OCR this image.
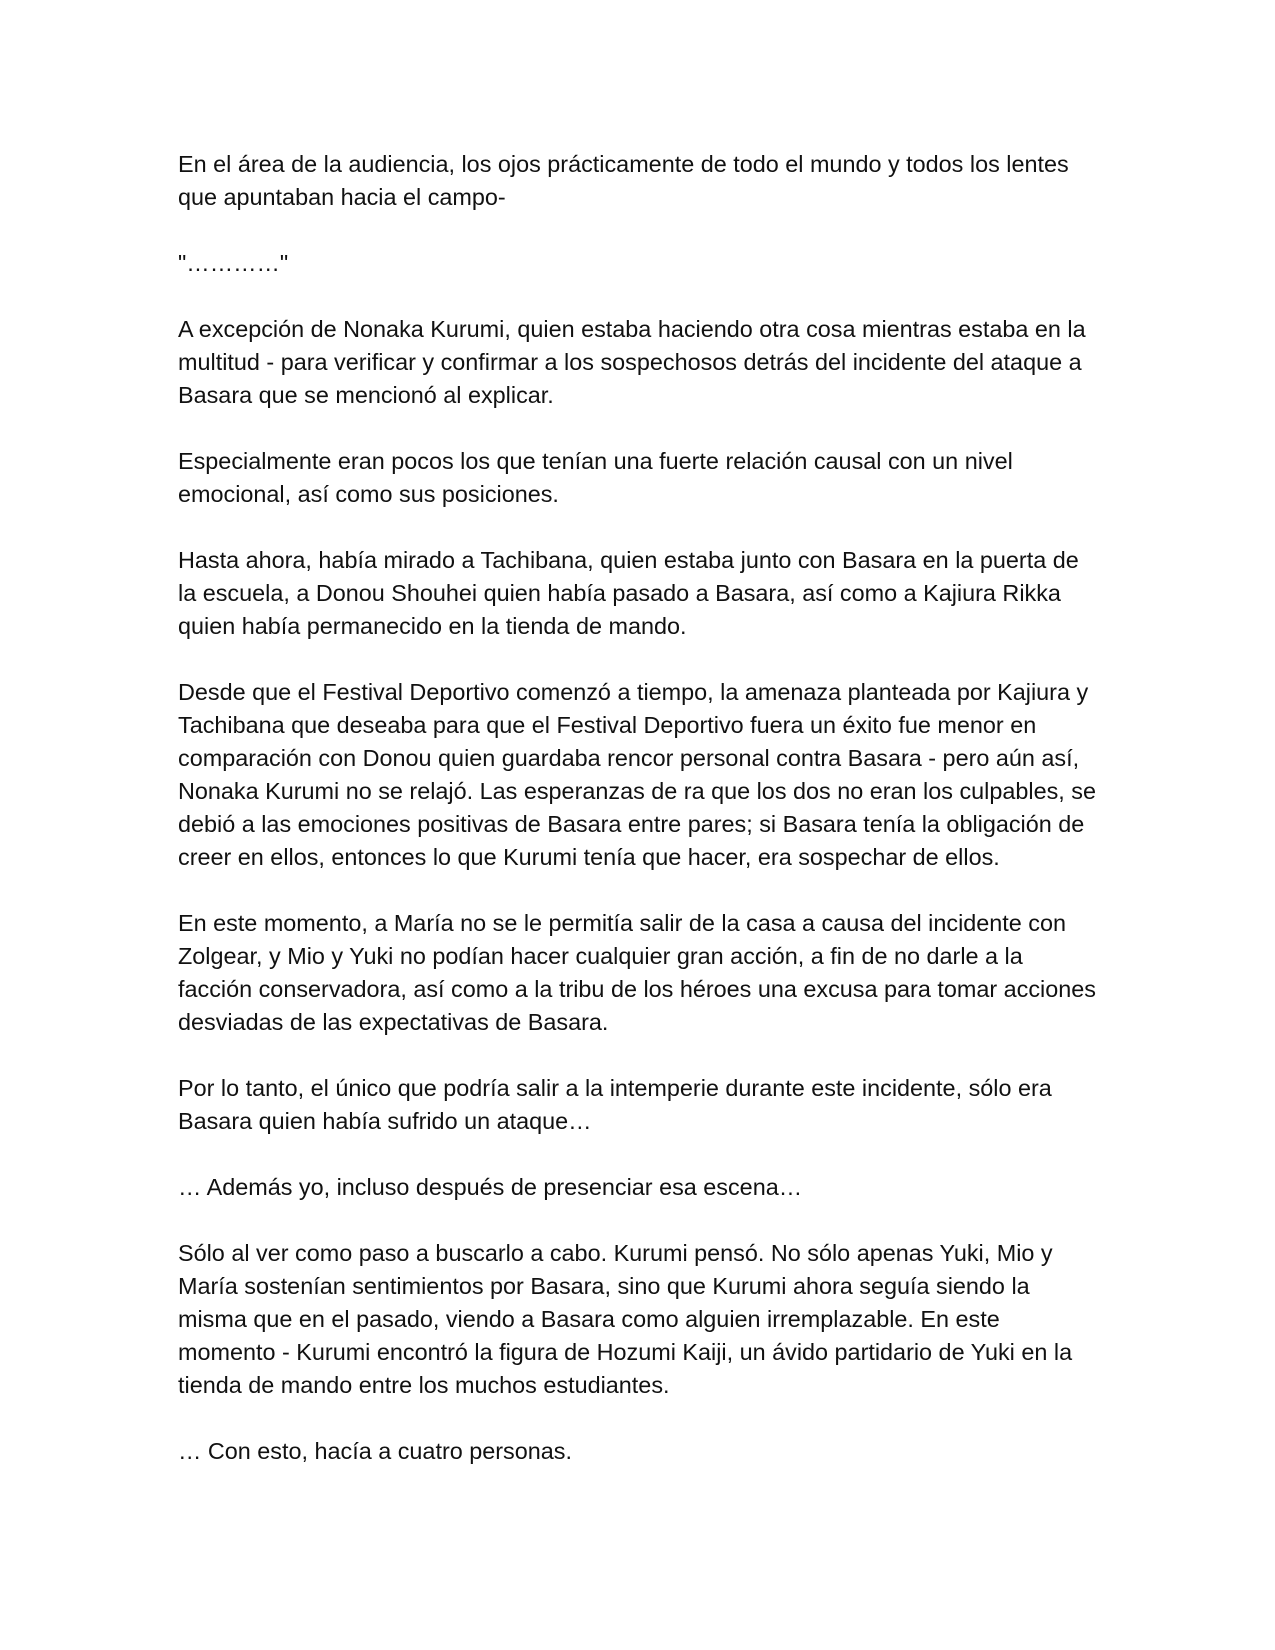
En el área de la audiencia, los ojos prácticamente de todo el mundo y todos los lentes que apuntaban hacia el campo-

"…………"

A excepción de Nonaka Kurumi, quien estaba haciendo otra cosa mientras estaba en la multitud - para verificar y confirmar a los sospechosos detrás del incidente del ataque a Basara que se mencionó al explicar.

Especialmente eran pocos los que tenían una fuerte relación causal con un nivel emocional, así como sus posiciones.

Hasta ahora, había mirado a Tachibana, quien estaba junto con Basara en la puerta de la escuela, a Donou Shouhei quien había pasado a Basara, así como a Kajiura Rikka quien había permanecido en la tienda de mando.

Desde que el Festival Deportivo comenzó a tiempo, la amenaza planteada por Kajiura y Tachibana que deseaba para que el Festival Deportivo fuera un éxito fue menor en comparación con Donou quien guardaba rencor personal contra Basara - pero aún así, Nonaka Kurumi no se relajó. Las esperanzas de ra que los dos no eran los culpables, se debió a las emociones positivas de Basara entre pares; si Basara tenía la obligación de creer en ellos, entonces lo que Kurumi tenía que hacer, era sospechar de ellos.

En este momento, a María no se le permitía salir de la casa a causa del incidente con Zolgear, y Mio y Yuki no podían hacer cualquier gran acción, a fin de no darle a la facción conservadora, así como a la tribu de los héroes una excusa para tomar acciones desviadas de las expectativas de Basara.

Por lo tanto, el único que podría salir a la intemperie durante este incidente, sólo era Basara quien había sufrido un ataque…

… Además yo, incluso después de presenciar esa escena…

Sólo al ver como paso a buscarlo a cabo. Kurumi pensó. No sólo apenas Yuki, Mio y María sostenían sentimientos por Basara, sino que Kurumi ahora seguía siendo la misma que en el pasado, viendo a Basara como alguien irremplazable. En este momento - Kurumi encontró la figura de Hozumi Kaiji, un ávido partidario de Yuki en la tienda de mando entre los muchos estudiantes.

… Con esto, hacía a cuatro personas.
